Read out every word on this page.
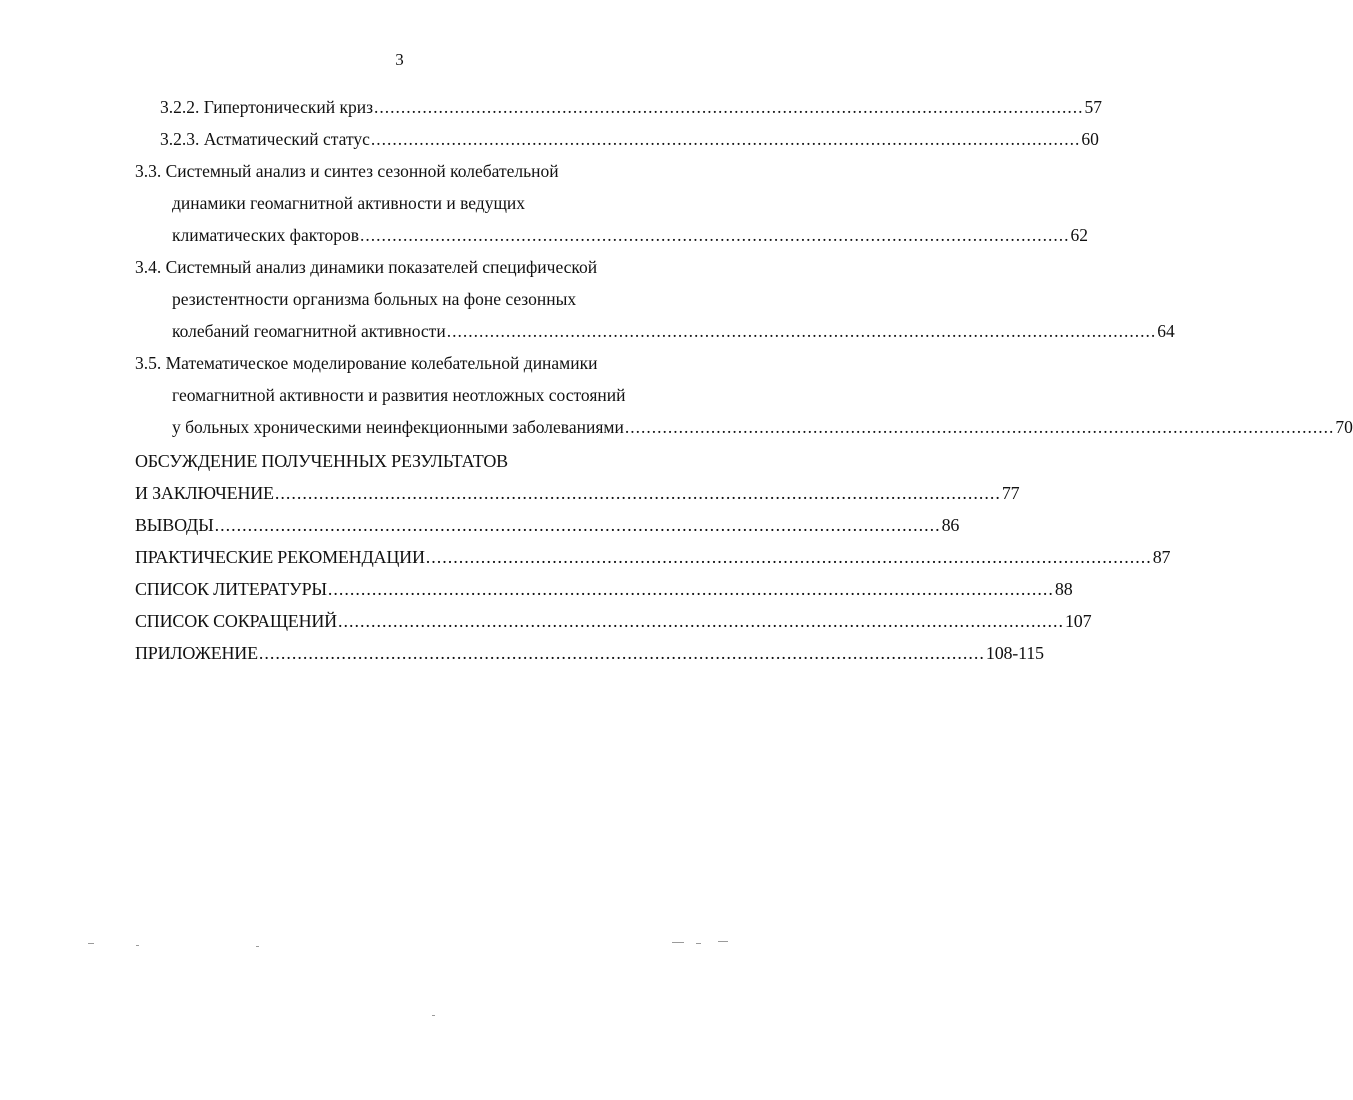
3
3.2.2. Гипертонический криз .................................................................................................................................... 57
3.2.3. Астматический статус .................................................................................................................................... 60
3.3. Системный анализ и синтез сезонной колебательной
динамики геомагнитной активности и ведущих
климатических факторов .................................................................................................................................... 62
3.4. Системный анализ динамики показателей специфической
резистентности организма больных на фоне сезонных
колебаний геомагнитной активности .................................................................................................................................... 64
3.5. Математическое моделирование колебательной динамики
геомагнитной активности и развития неотложных состояний
у больных хроническими неинфекционными заболеваниями .................................................................................................................................... 70
ОБСУЖДЕНИЕ ПОЛУЧЕННЫХ РЕЗУЛЬТАТОВ
И ЗАКЛЮЧЕНИЕ .................................................................................................................................... 77
ВЫВОДЫ .................................................................................................................................... 86
ПРАКТИЧЕСКИЕ РЕКОМЕНДАЦИИ .................................................................................................................................... 87
СПИСОК ЛИТЕРАТУРЫ .................................................................................................................................... 88
СПИСОК СОКРАЩЕНИЙ .................................................................................................................................... 107
ПРИЛОЖЕНИЕ .................................................................................................................................... 108-115
